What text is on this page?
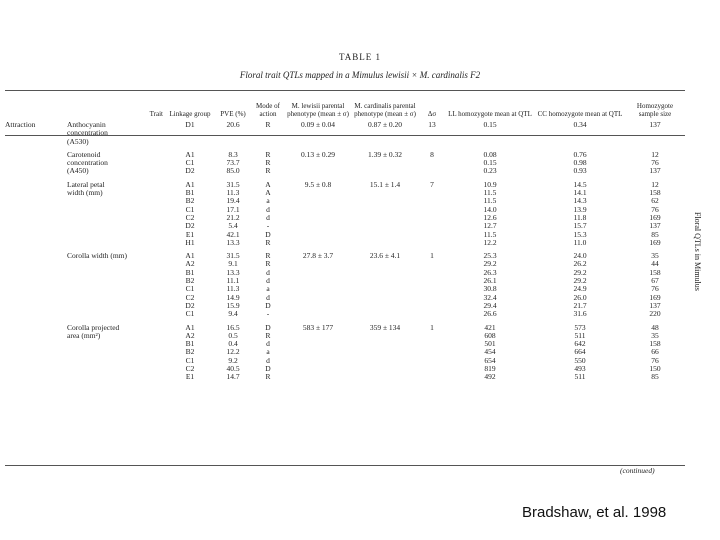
TABLE 1
Floral trait QTLs mapped in a Mimulus lewisii × M. cardinalis F2
	Trait	Linkage group	PVE (%)	Mode of action	M. lewisii parental phenotype (mean ± σ)	M. cardinalis parental phenotype (mean ± σ)	Δσ	LL homozygote mean at QTL	CC homozygote mean at QTL	Homozygote sample size
Attraction	Anthocyanin	D1	20.6	R	0.09 ± 0.04	0.87 ± 0.20	13	0.15	0.34	137
	concentration									
	(A530)									
	Carotenoid	A1	8.3	R	0.13 ± 0.29	1.39 ± 0.32	8	0.08	0.76	12
	concentration	C1	73.7	R				0.15	0.98	76
	(A450)	D2	85.0	R				0.23	0.93	137
	Lateral petal	A1	31.5	A	9.5 ± 0.8	15.1 ± 1.4	7	10.9	14.5	12
	width (mm)	B1	11.3	A				11.5	14.1	158
		B2	19.4	a				11.5	14.3	62
		C1	17.1	d				14.0	13.9	76
		C2	21.2	d				12.6	11.8	169
		D2	5.4	-				12.7	15.7	137
		E1	42.1	D				11.5	15.3	85
		H1	13.3	R				12.2	11.0	169
	Corolla width (mm)	A1	31.5	R	27.8 ± 3.7	23.6 ± 4.1	1	25.3	24.0	35
		A2	9.1	R				29.2	26.2	44
		B1	13.3	d				26.3	29.2	158
		B2	11.1	d				26.1	29.2	67
		C1	11.3	a				30.8	24.9	76
		C2	14.9	d				32.4	26.0	169
		D2	15.9	D				29.4	21.7	137
		C1	9.4	-				26.6	31.6	220
	Corolla projected	A1	16.5	D	583 ± 177	359 ± 134	1	421	573	48
	area (mm²)	A2	0.5	R				608	511	35
		B1	0.4	d				501	642	158
		B2	12.2	a				454	664	66
		C1	9.2	d				654	550	76
		C2	40.5	D				819	493	150
		E1	14.7	R				492	511	85
(continued)
Floral QTLs in Mimulus
Bradshaw, et al. 1998
